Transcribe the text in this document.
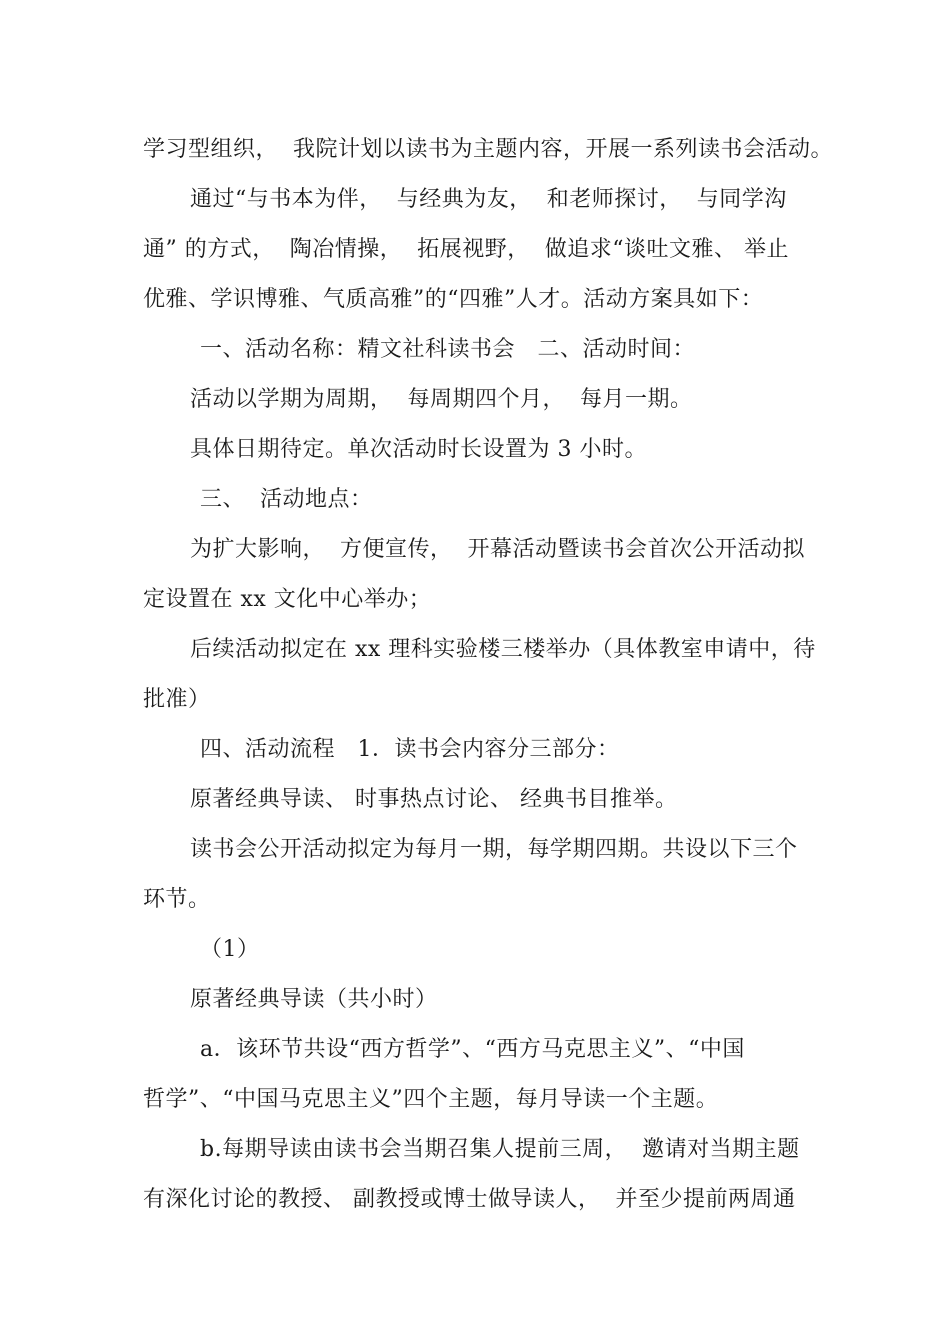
学习型组织，  我院计划以读书为主题内容，开展一系列读书会活动。
通过“与书本为伴，  与经典为友，  和老师探讨，  与同学沟
通” 的方式，  陶冶情操，  拓展视野，  做追求“谈吐文雅、 举止
优雅、学识博雅、气质高雅”的“四雅”人才。活动方案具如下：
一、活动名称：精文社科读书会   二、活动时间：
活动以学期为周期，  每周期四个月，  每月一期。
具体日期待定。单次活动时长设置为 3 小时。
三、  活动地点：
为扩大影响，  方便宣传，  开幕活动暨读书会首次公开活动拟
定设置在 xx 文化中心举办；
后续活动拟定在 xx 理科实验楼三楼举办（具体教室申请中，待
批准）
四、活动流程   1．读书会内容分三部分：
原著经典导读、 时事热点讨论、 经典书目推举。
读书会公开活动拟定为每月一期，每学期四期。共设以下三个
环节。
（1）
原著经典导读（共小时）
a．该环节共设“西方哲学”、“西方马克思主义”、“中国
哲学”、“中国马克思主义”四个主题，每月导读一个主题。
b.每期导读由读书会当期召集人提前三周，  邀请对当期主题
有深化讨论的教授、 副教授或博士做导读人，  并至少提前两周通
